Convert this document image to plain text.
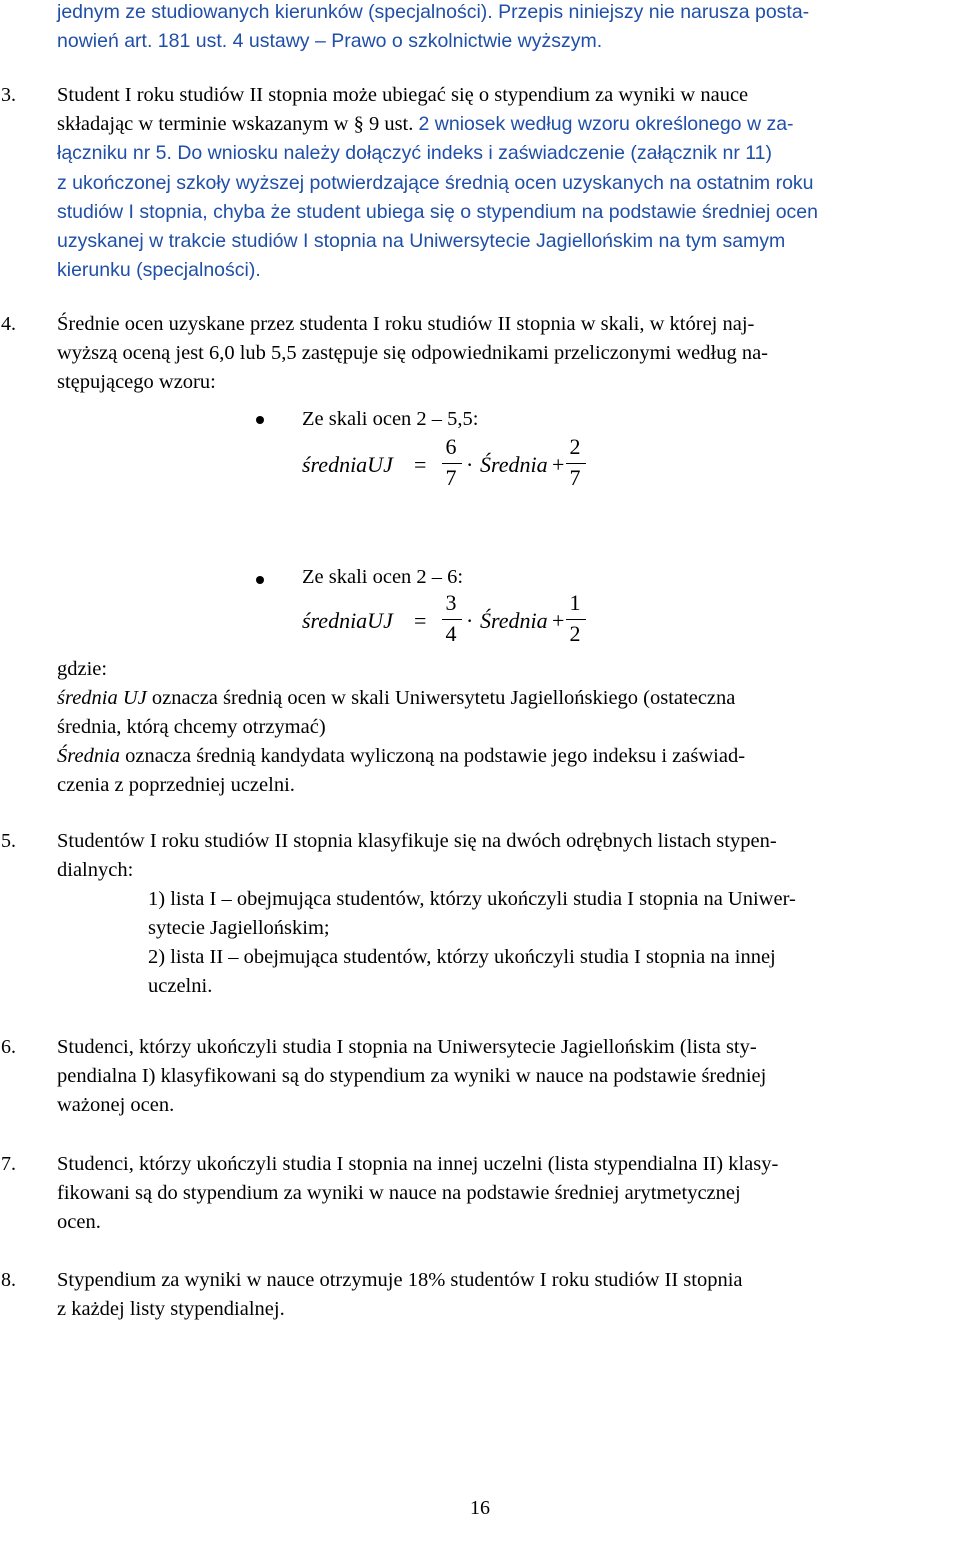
jednym ze studiowanych kierunków (specjalności). Przepis niniejszy nie narusza posta-
nowień art. 181 ust. 4 ustawy – Prawo o szkolnictwie wyższym.
3. Student I roku studiów II stopnia może ubiegać się o stypendium za wyniki w nauce
składając w terminie wskazanym w § 9 ust. 2 wniosek według wzoru określonego w za-
łączniku nr 5. Do wniosku należy dołączyć indeks i zaświadczenie (załącznik nr 11)
z ukończonej szkoły wyższej potwierdzające średnią ocen uzyskanych na ostatnim roku
studiów I stopnia, chyba że student ubiega się o stypendium na podstawie średniej ocen
uzyskanej w trakcie studiów I stopnia na Uniwersytecie Jagiellońskim na tym samym
kierunku (specjalności).
4. Średnie ocen uzyskane przez studenta I roku studiów II stopnia w skali, w której naj-
wyższą oceną jest 6,0 lub 5,5 zastępuje się odpowiednikami przeliczonymi według na-
stępującego wzoru:
Ze skali ocen 2 – 5,5:
średniaUJ =
6
7
· Średnia +
2
7
Ze skali ocen 2 – 6:
średniaUJ =
3
4
· Średnia +
1
2
gdzie:
średnia UJ oznacza średnią ocen w skali Uniwersytetu Jagiellońskiego (ostateczna
średnia, którą chcemy otrzymać)
Średnia oznacza średnią kandydata wyliczoną na podstawie jego indeksu i zaświad-
czenia z poprzedniej uczelni.
5. Studentów I roku studiów II stopnia klasyfikuje się na dwóch odrębnych listach stypen-
dialnych:
1) lista I – obejmująca studentów, którzy ukończyli studia I stopnia na Uniwer-
sytecie Jagiellońskim;
2) lista II – obejmująca studentów, którzy ukończyli studia I stopnia na innej
uczelni.
6. Studenci, którzy ukończyli studia I stopnia na Uniwersytecie Jagiellońskim (lista sty-
pendialna I) klasyfikowani są do stypendium za wyniki w nauce na podstawie średniej
ważonej ocen.
7. Studenci, którzy ukończyli studia I stopnia na innej uczelni (lista stypendialna II) klasy-
fikowani są do stypendium za wyniki w nauce na podstawie średniej arytmetycznej
ocen.
8. Stypendium za wyniki w nauce otrzymuje 18% studentów I roku studiów II stopnia
z każdej listy stypendialnej.
16
